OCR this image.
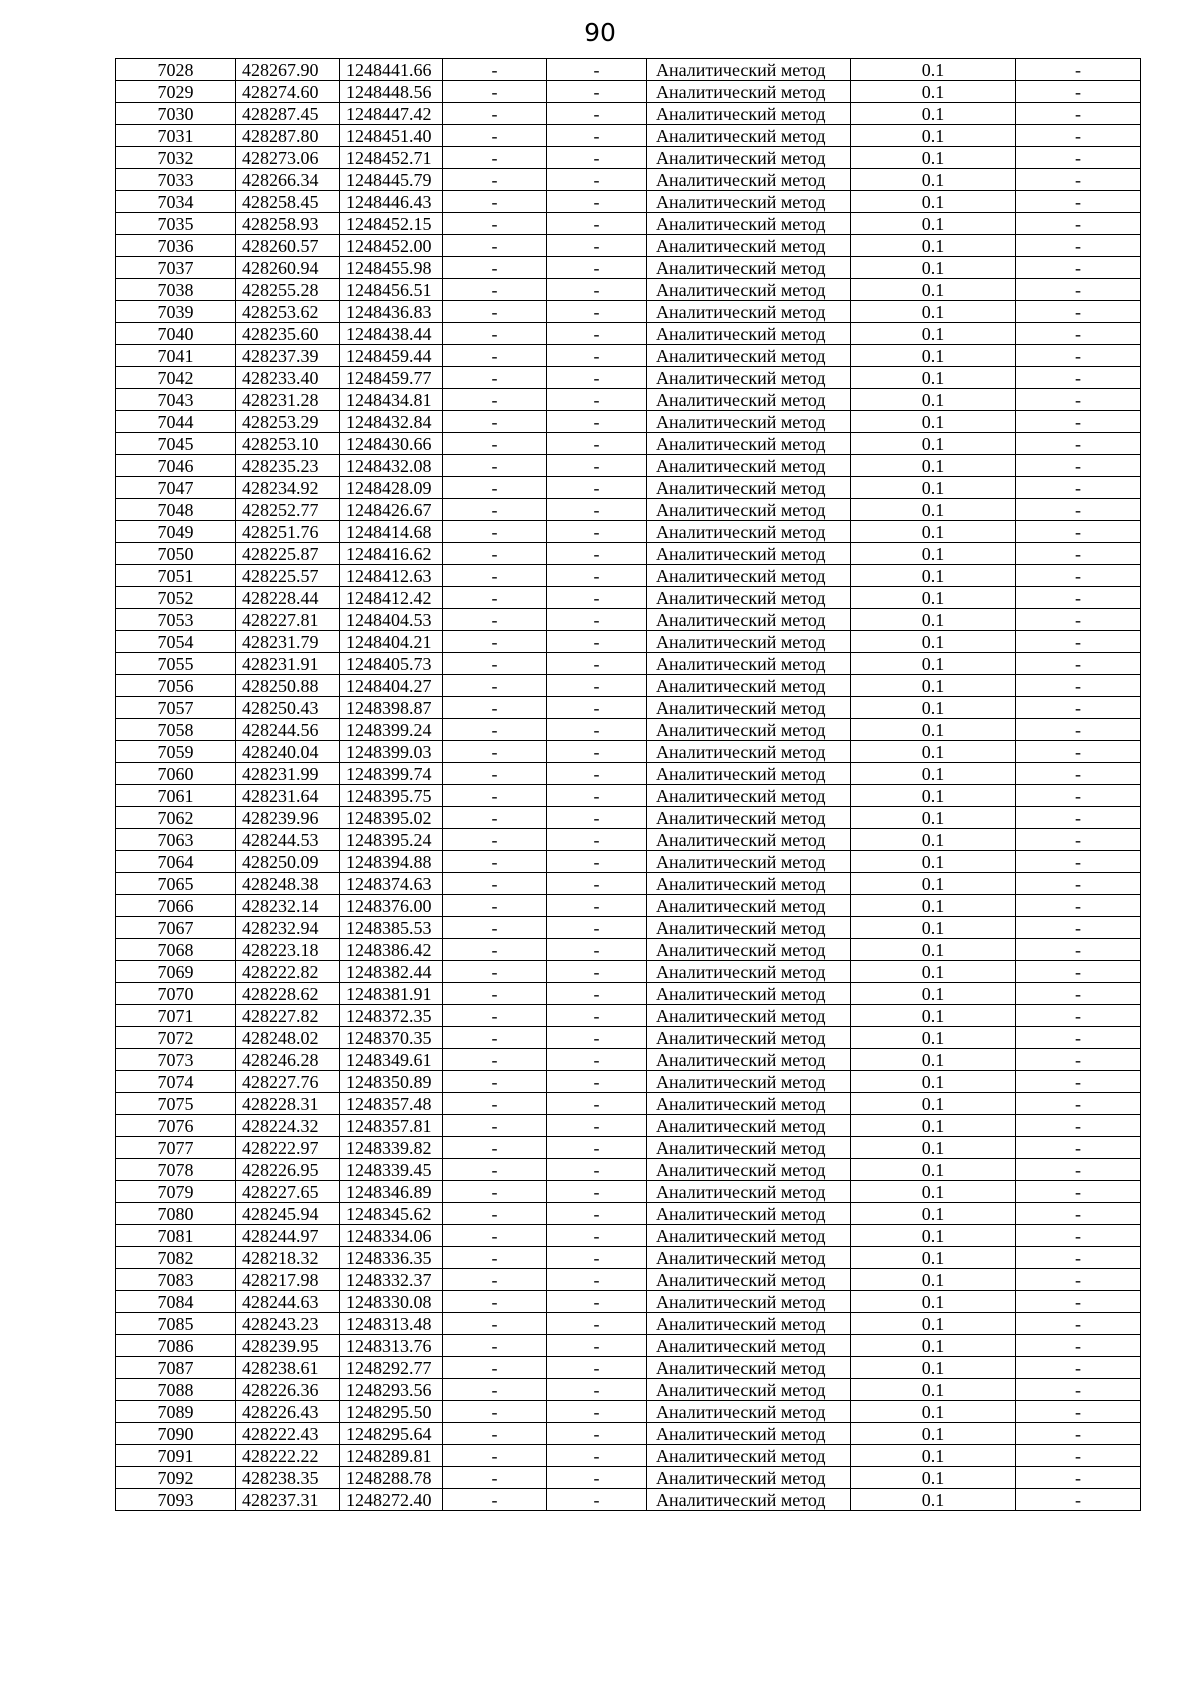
90
7028	428267.90	1248441.66	-	-	Аналитический метод	0.1	-
7029	428274.60	1248448.56	-	-	Аналитический метод	0.1	-
7030	428287.45	1248447.42	-	-	Аналитический метод	0.1	-
7031	428287.80	1248451.40	-	-	Аналитический метод	0.1	-
7032	428273.06	1248452.71	-	-	Аналитический метод	0.1	-
7033	428266.34	1248445.79	-	-	Аналитический метод	0.1	-
7034	428258.45	1248446.43	-	-	Аналитический метод	0.1	-
7035	428258.93	1248452.15	-	-	Аналитический метод	0.1	-
7036	428260.57	1248452.00	-	-	Аналитический метод	0.1	-
7037	428260.94	1248455.98	-	-	Аналитический метод	0.1	-
7038	428255.28	1248456.51	-	-	Аналитический метод	0.1	-
7039	428253.62	1248436.83	-	-	Аналитический метод	0.1	-
7040	428235.60	1248438.44	-	-	Аналитический метод	0.1	-
7041	428237.39	1248459.44	-	-	Аналитический метод	0.1	-
7042	428233.40	1248459.77	-	-	Аналитический метод	0.1	-
7043	428231.28	1248434.81	-	-	Аналитический метод	0.1	-
7044	428253.29	1248432.84	-	-	Аналитический метод	0.1	-
7045	428253.10	1248430.66	-	-	Аналитический метод	0.1	-
7046	428235.23	1248432.08	-	-	Аналитический метод	0.1	-
7047	428234.92	1248428.09	-	-	Аналитический метод	0.1	-
7048	428252.77	1248426.67	-	-	Аналитический метод	0.1	-
7049	428251.76	1248414.68	-	-	Аналитический метод	0.1	-
7050	428225.87	1248416.62	-	-	Аналитический метод	0.1	-
7051	428225.57	1248412.63	-	-	Аналитический метод	0.1	-
7052	428228.44	1248412.42	-	-	Аналитический метод	0.1	-
7053	428227.81	1248404.53	-	-	Аналитический метод	0.1	-
7054	428231.79	1248404.21	-	-	Аналитический метод	0.1	-
7055	428231.91	1248405.73	-	-	Аналитический метод	0.1	-
7056	428250.88	1248404.27	-	-	Аналитический метод	0.1	-
7057	428250.43	1248398.87	-	-	Аналитический метод	0.1	-
7058	428244.56	1248399.24	-	-	Аналитический метод	0.1	-
7059	428240.04	1248399.03	-	-	Аналитический метод	0.1	-
7060	428231.99	1248399.74	-	-	Аналитический метод	0.1	-
7061	428231.64	1248395.75	-	-	Аналитический метод	0.1	-
7062	428239.96	1248395.02	-	-	Аналитический метод	0.1	-
7063	428244.53	1248395.24	-	-	Аналитический метод	0.1	-
7064	428250.09	1248394.88	-	-	Аналитический метод	0.1	-
7065	428248.38	1248374.63	-	-	Аналитический метод	0.1	-
7066	428232.14	1248376.00	-	-	Аналитический метод	0.1	-
7067	428232.94	1248385.53	-	-	Аналитический метод	0.1	-
7068	428223.18	1248386.42	-	-	Аналитический метод	0.1	-
7069	428222.82	1248382.44	-	-	Аналитический метод	0.1	-
7070	428228.62	1248381.91	-	-	Аналитический метод	0.1	-
7071	428227.82	1248372.35	-	-	Аналитический метод	0.1	-
7072	428248.02	1248370.35	-	-	Аналитический метод	0.1	-
7073	428246.28	1248349.61	-	-	Аналитический метод	0.1	-
7074	428227.76	1248350.89	-	-	Аналитический метод	0.1	-
7075	428228.31	1248357.48	-	-	Аналитический метод	0.1	-
7076	428224.32	1248357.81	-	-	Аналитический метод	0.1	-
7077	428222.97	1248339.82	-	-	Аналитический метод	0.1	-
7078	428226.95	1248339.45	-	-	Аналитический метод	0.1	-
7079	428227.65	1248346.89	-	-	Аналитический метод	0.1	-
7080	428245.94	1248345.62	-	-	Аналитический метод	0.1	-
7081	428244.97	1248334.06	-	-	Аналитический метод	0.1	-
7082	428218.32	1248336.35	-	-	Аналитический метод	0.1	-
7083	428217.98	1248332.37	-	-	Аналитический метод	0.1	-
7084	428244.63	1248330.08	-	-	Аналитический метод	0.1	-
7085	428243.23	1248313.48	-	-	Аналитический метод	0.1	-
7086	428239.95	1248313.76	-	-	Аналитический метод	0.1	-
7087	428238.61	1248292.77	-	-	Аналитический метод	0.1	-
7088	428226.36	1248293.56	-	-	Аналитический метод	0.1	-
7089	428226.43	1248295.50	-	-	Аналитический метод	0.1	-
7090	428222.43	1248295.64	-	-	Аналитический метод	0.1	-
7091	428222.22	1248289.81	-	-	Аналитический метод	0.1	-
7092	428238.35	1248288.78	-	-	Аналитический метод	0.1	-
7093	428237.31	1248272.40	-	-	Аналитический метод	0.1	-
